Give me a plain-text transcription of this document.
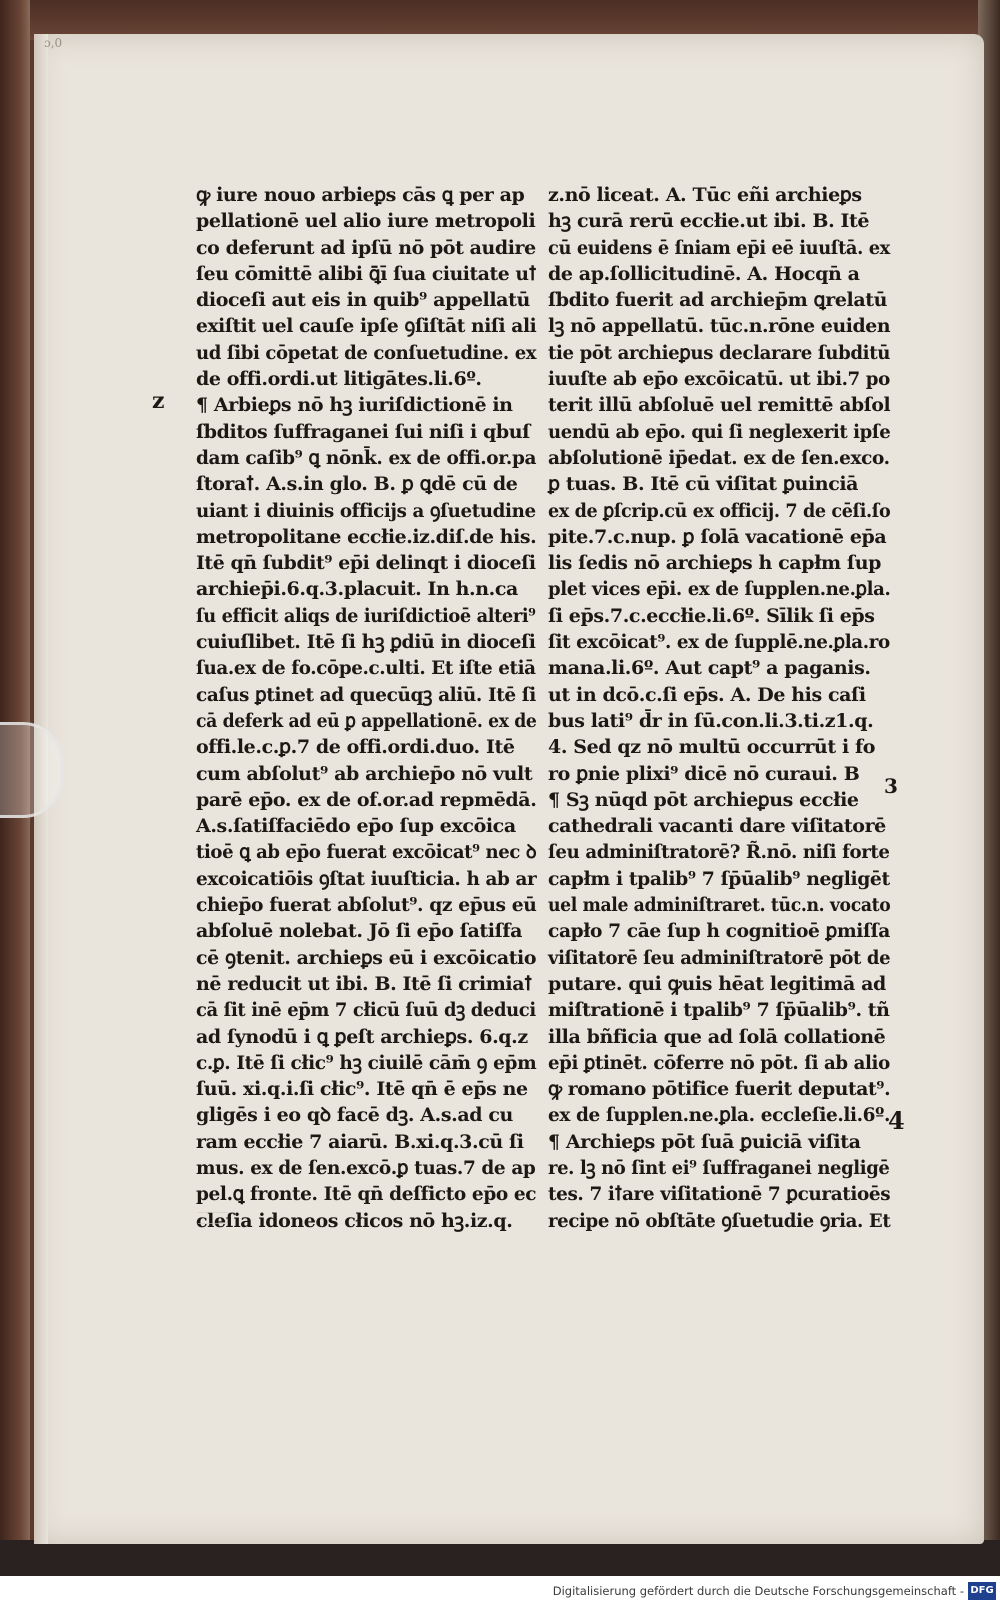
ɔ,0
z
3
4
ꝙ iure nouo arbieꝑs cās ꝗ per ap
pellationē uel alio iure metropoli
co deferunt ad ipſū nō pōt audire
ſeu cōmittē alibi ꝗ̄ī ſua ciuitate uꝉ
dioceſi aut eis in quib⁹ appellatū
exiſtit uel cauſe ipſe ꝯſiſtāt niſi ali
ud ſibi cōpetat de conſuetudine. ex
de offi.ordi.ut litigātes.li.6º.
¶ Arbieꝑs nō hꝫ iuriſdictionē in
ſbditos ſuffraganei ſui niſi i qbuſ
dam caſib⁹ ꝗ nōnk̄. ex de offi.or.pa
ſtoraꝉ. A.s.in glo. B. ꝑ ꝗdē cū de
uiant i diuinis officijs a ꝯſuetudine
metropolitane eccłie.iz.diſ.de his.
Itē qn̄ ſubdit⁹ ep̄i delinqt i dioceſi
archiep̄i.6.q.3.placuit. In h.n.ca
ſu efficit aliqs de iuriſdictioē alteri⁹
cuiuſlibet. Itē ſi hꝫ ꝑdiū in dioceſi
ſua.ex de fo.cōpe.c.ulti. Et iſte etiā
caſus ꝑtinet ad quecūqꝫ aliū. Itē ſi
cā deferk ad eū ꝑ appellationē. ex de
offi.le.c.ꝑ.7 de offi.ordi.duo. Itē
cum abſolut⁹ ab archiep̄o nō vult
parē ep̄o. ex de of.or.ad repmēdā.
A.s.ſatiſfaciēdo ep̄o ſup excōica
tioē ꝗ ab ep̄o fuerat excōicat⁹ nec ꝺ
excoicatiōis ꝯſtat iuuſticia. h ab ar
chiep̄o fuerat abſolut⁹. qz ep̄us eū
abſoluē nolebat. Jō ſi ep̄o ſatiſfa
cē ꝯtenit. archieꝑs eū i excōicatio
nē reducit ut ibi. B. Itē ſi crimiaꝉ
cā ſit inē ep̄m 7 cłicū ſuū dꝫ deduci
ad ſynodū i ꝗ ꝑeſt archieꝑs. 6.q.z
c.ꝑ. Itē ſi cłic⁹ hꝫ ciuilē cām̄ ꝯ ep̄m
ſuū. xi.q.i.ſi cłic⁹. Itē qn̄ ē ep̄s ne
gligēs i eo qꝺ facē dꝫ. A.s.ad cu
ram eccłie 7 aiarū. B.xi.q.3.cū ſi
mus. ex de ſen.excō.ꝑ tuas.7 de ap
pel.ꝗ fronte. Itē qn̄ deſficto ep̄o ec
cleſia idoneos cłicos nō hꝫ.iz.q.
z.nō liceat. A. Tūc eñi archieꝑs
hꝫ curā rerū eccłie.ut ibi. B. Itē
cū euidens ē ſniam ep̄i eē iuuſtā. ex
de ap.ſollicitudinē. A. Hocqn̄ a
ſbdito fuerit ad archiep̄m ꝗrelatū
lꝫ nō appellatū. tūc.n.rōne euiden
tie pōt archieꝑus declarare ſubditū
iuuſte ab ep̄o excōicatū. ut ibi.7 po
terit illū abſoluē uel remittē abſol
uendū ab ep̄o. qui ſi neglexerit ipſe
abſolutionē ip̄edat. ex de ſen.exco.
ꝑ tuas. B. Itē cū viſitat ꝑuinciā
ex de ꝑſcrip.cū ex officij. 7 de cēſi.ſo
pite.7.c.nup. ꝑ ſolā vacationē ep̄a
lis ſedis nō archieꝑs h capłm ſup
plet vices ep̄i. ex de ſupplen.ne.ꝑla.
ſi ep̄s.7.c.eccłie.li.6º. Sīlik ſi ep̄s
ſit excōicat⁹. ex de ſupplē.ne.ꝑla.ro
mana.li.6º. Aut capt⁹ a paganis.
ut in dcō.c.ſi ep̄s. A. De his caſi
bus lati⁹ d̄r in ſū.con.li.3.ti.z1.q.
4. Sed qz nō multū occurrūt i fo
ro ꝑnie plixi⁹ dicē nō curaui. B
¶ Sꝫ nūqd pōt archieꝑus eccłie
cathedrali vacanti dare viſitatorē
ſeu adminiſtratorē? R̃.nō. niſi forte
capłm i tpalib⁹ 7 ſp̄ūalib⁹ negligēt
uel male adminiſtraret. tūc.n. vocato
capło 7 cāe ſup h cognitioē ꝑmiſſa
viſitatorē ſeu adminiſtratorē pōt de
putare. qui ꝙuis hēat legitimā ad
miſtrationē i tpalib⁹ 7 ſp̄ūalib⁹. tñ
illa bñficia que ad ſolā collationē
ep̄i ꝑtinēt. cōferre nō pōt. ſi ab alio
ꝙ romano pōtifice fuerit deputat⁹.
ex de ſupplen.ne.ꝑla. eccleſie.li.6º.
¶ Archieꝑs pōt ſuā ꝑuiciā viſita
re. lꝫ nō ſint ei⁹ ſuffraganei negligē
tes. 7 iꝉare viſitationē 7 ꝑcuratioēs
recipe nō obſtāte ꝯſuetudie ꝯria. Et
Digitalisierung gefördert durch die Deutsche Forschungsgemeinschaft - DFG
